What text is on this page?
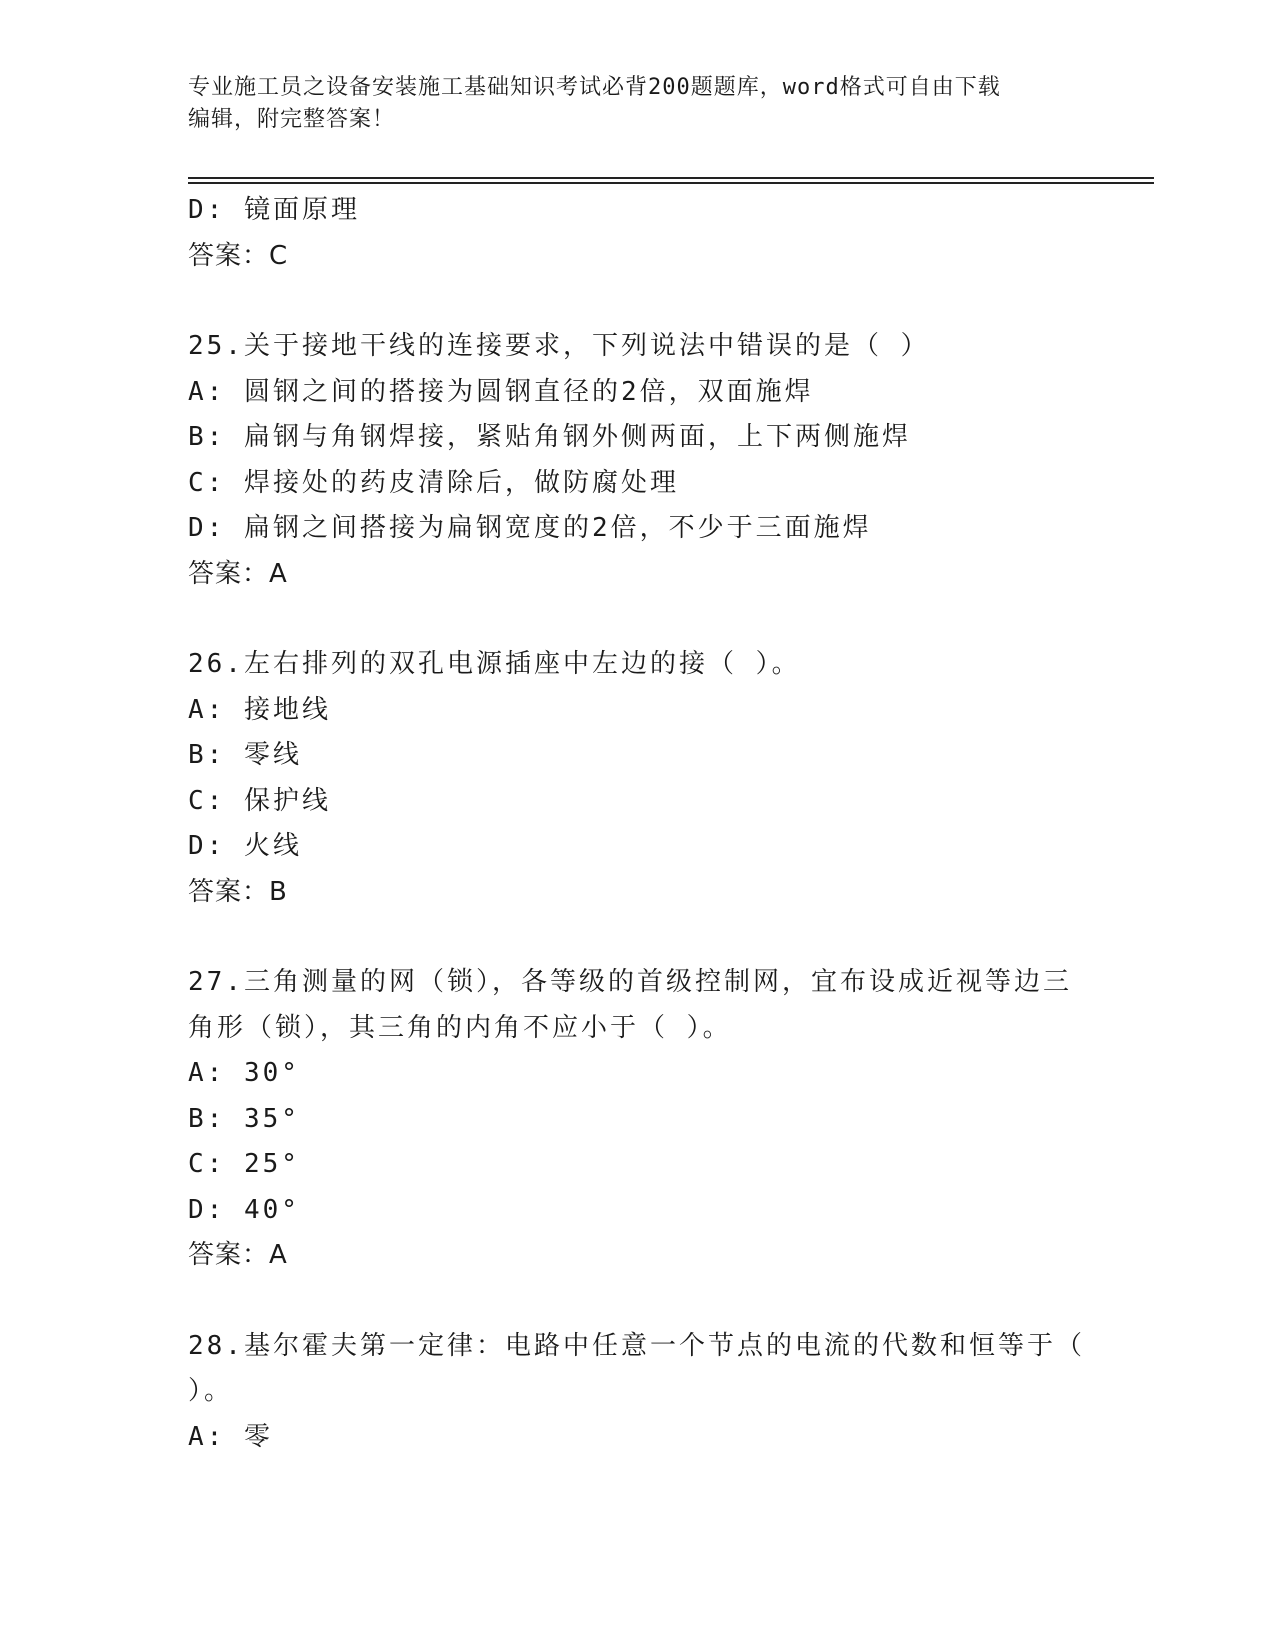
专业施工员之设备安装施工基础知识考试必背200题题库，word格式可自由下载
编辑，附完整答案！
D: 镜面原理
答案：C
25.关于接地干线的连接要求，下列说法中错误的是（ ）
A: 圆钢之间的搭接为圆钢直径的2倍，双面施焊
B: 扁钢与角钢焊接，紧贴角钢外侧两面，上下两侧施焊
C: 焊接处的药皮清除后，做防腐处理
D: 扁钢之间搭接为扁钢宽度的2倍，不少于三面施焊
答案：A
26.左右排列的双孔电源插座中左边的接（ ）。
A: 接地线
B: 零线
C: 保护线
D: 火线
答案：B
27.三角测量的网（锁），各等级的首级控制网，宜布设成近视等边三
角形（锁），其三角的内角不应小于（ ）。
A: 30°
B: 35°
C: 25°
D: 40°
答案：A
28.基尔霍夫第一定律：电路中任意一个节点的电流的代数和恒等于（
）。
A: 零
